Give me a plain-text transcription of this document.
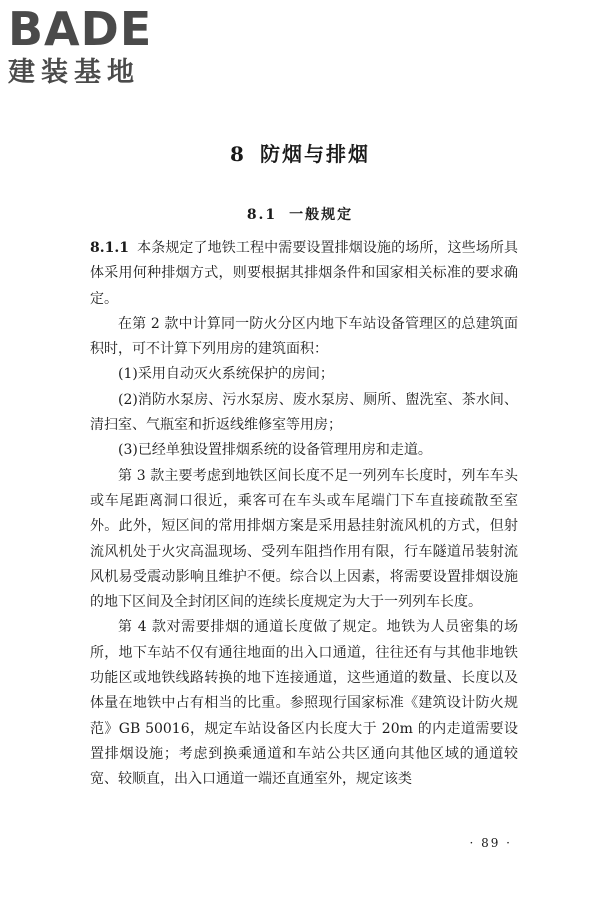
BADE
建装基地
8 防烟与排烟
8.1 一般规定

8.1.1 本条规定了地铁工程中需要设置排烟设施的场所，这些场所具体采用何种排烟方式，则要根据其排烟条件和国家相关标准的要求确定。

在第 2 款中计算同一防火分区内地下车站设备管理区的总建筑面积时，可不计算下列用房的建筑面积：

(1)采用自动灭火系统保护的房间；

(2)消防水泵房、污水泵房、废水泵房、厕所、盥洗室、茶水间、清扫室、气瓶室和折返线维修室等用房；

(3)已经单独设置排烟系统的设备管理用房和走道。

第 3 款主要考虑到地铁区间长度不足一列列车长度时，列车车头或车尾距离洞口很近，乘客可在车头或车尾端门下车直接疏散至室外。此外，短区间的常用排烟方案是采用悬挂射流风机的方式，但射流风机处于火灾高温现场、受列车阻挡作用有限，行车隧道吊装射流风机易受震动影响且维护不便。综合以上因素，将需要设置排烟设施的地下区间及全封闭区间的连续长度规定为大于一列列车长度。

第 4 款对需要排烟的通道长度做了规定。地铁为人员密集的场所，地下车站不仅有通往地面的出入口通道，往往还有与其他非地铁功能区或地铁线路转换的地下连接通道，这些通道的数量、长度以及体量在地铁中占有相当的比重。参照现行国家标准《建筑设计防火规范》GB 50016，规定车站设备区内长度大于 20m 的内走道需要设置排烟设施；考虑到换乘通道和车站公共区通向其他区域的通道较宽、较顺直，出入口通道一端还直通室外，规定该类

· 89 ·
